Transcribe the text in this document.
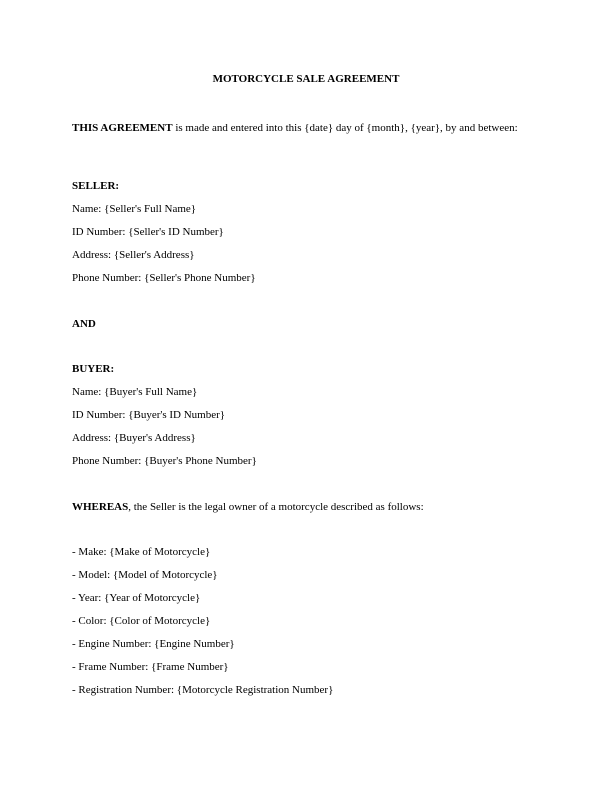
MOTORCYCLE SALE AGREEMENT
THIS AGREEMENT is made and entered into this {date} day of {month}, {year}, by and between:
SELLER:
Name: {Seller's Full Name}
ID Number: {Seller's ID Number}
Address: {Seller's Address}
Phone Number: {Seller's Phone Number}
AND
BUYER:
Name: {Buyer's Full Name}
ID Number: {Buyer's ID Number}
Address: {Buyer's Address}
Phone Number: {Buyer's Phone Number}
WHEREAS, the Seller is the legal owner of a motorcycle described as follows:
- Make: {Make of Motorcycle}
- Model: {Model of Motorcycle}
- Year: {Year of Motorcycle}
- Color: {Color of Motorcycle}
- Engine Number: {Engine Number}
- Frame Number: {Frame Number}
- Registration Number: {Motorcycle Registration Number}
